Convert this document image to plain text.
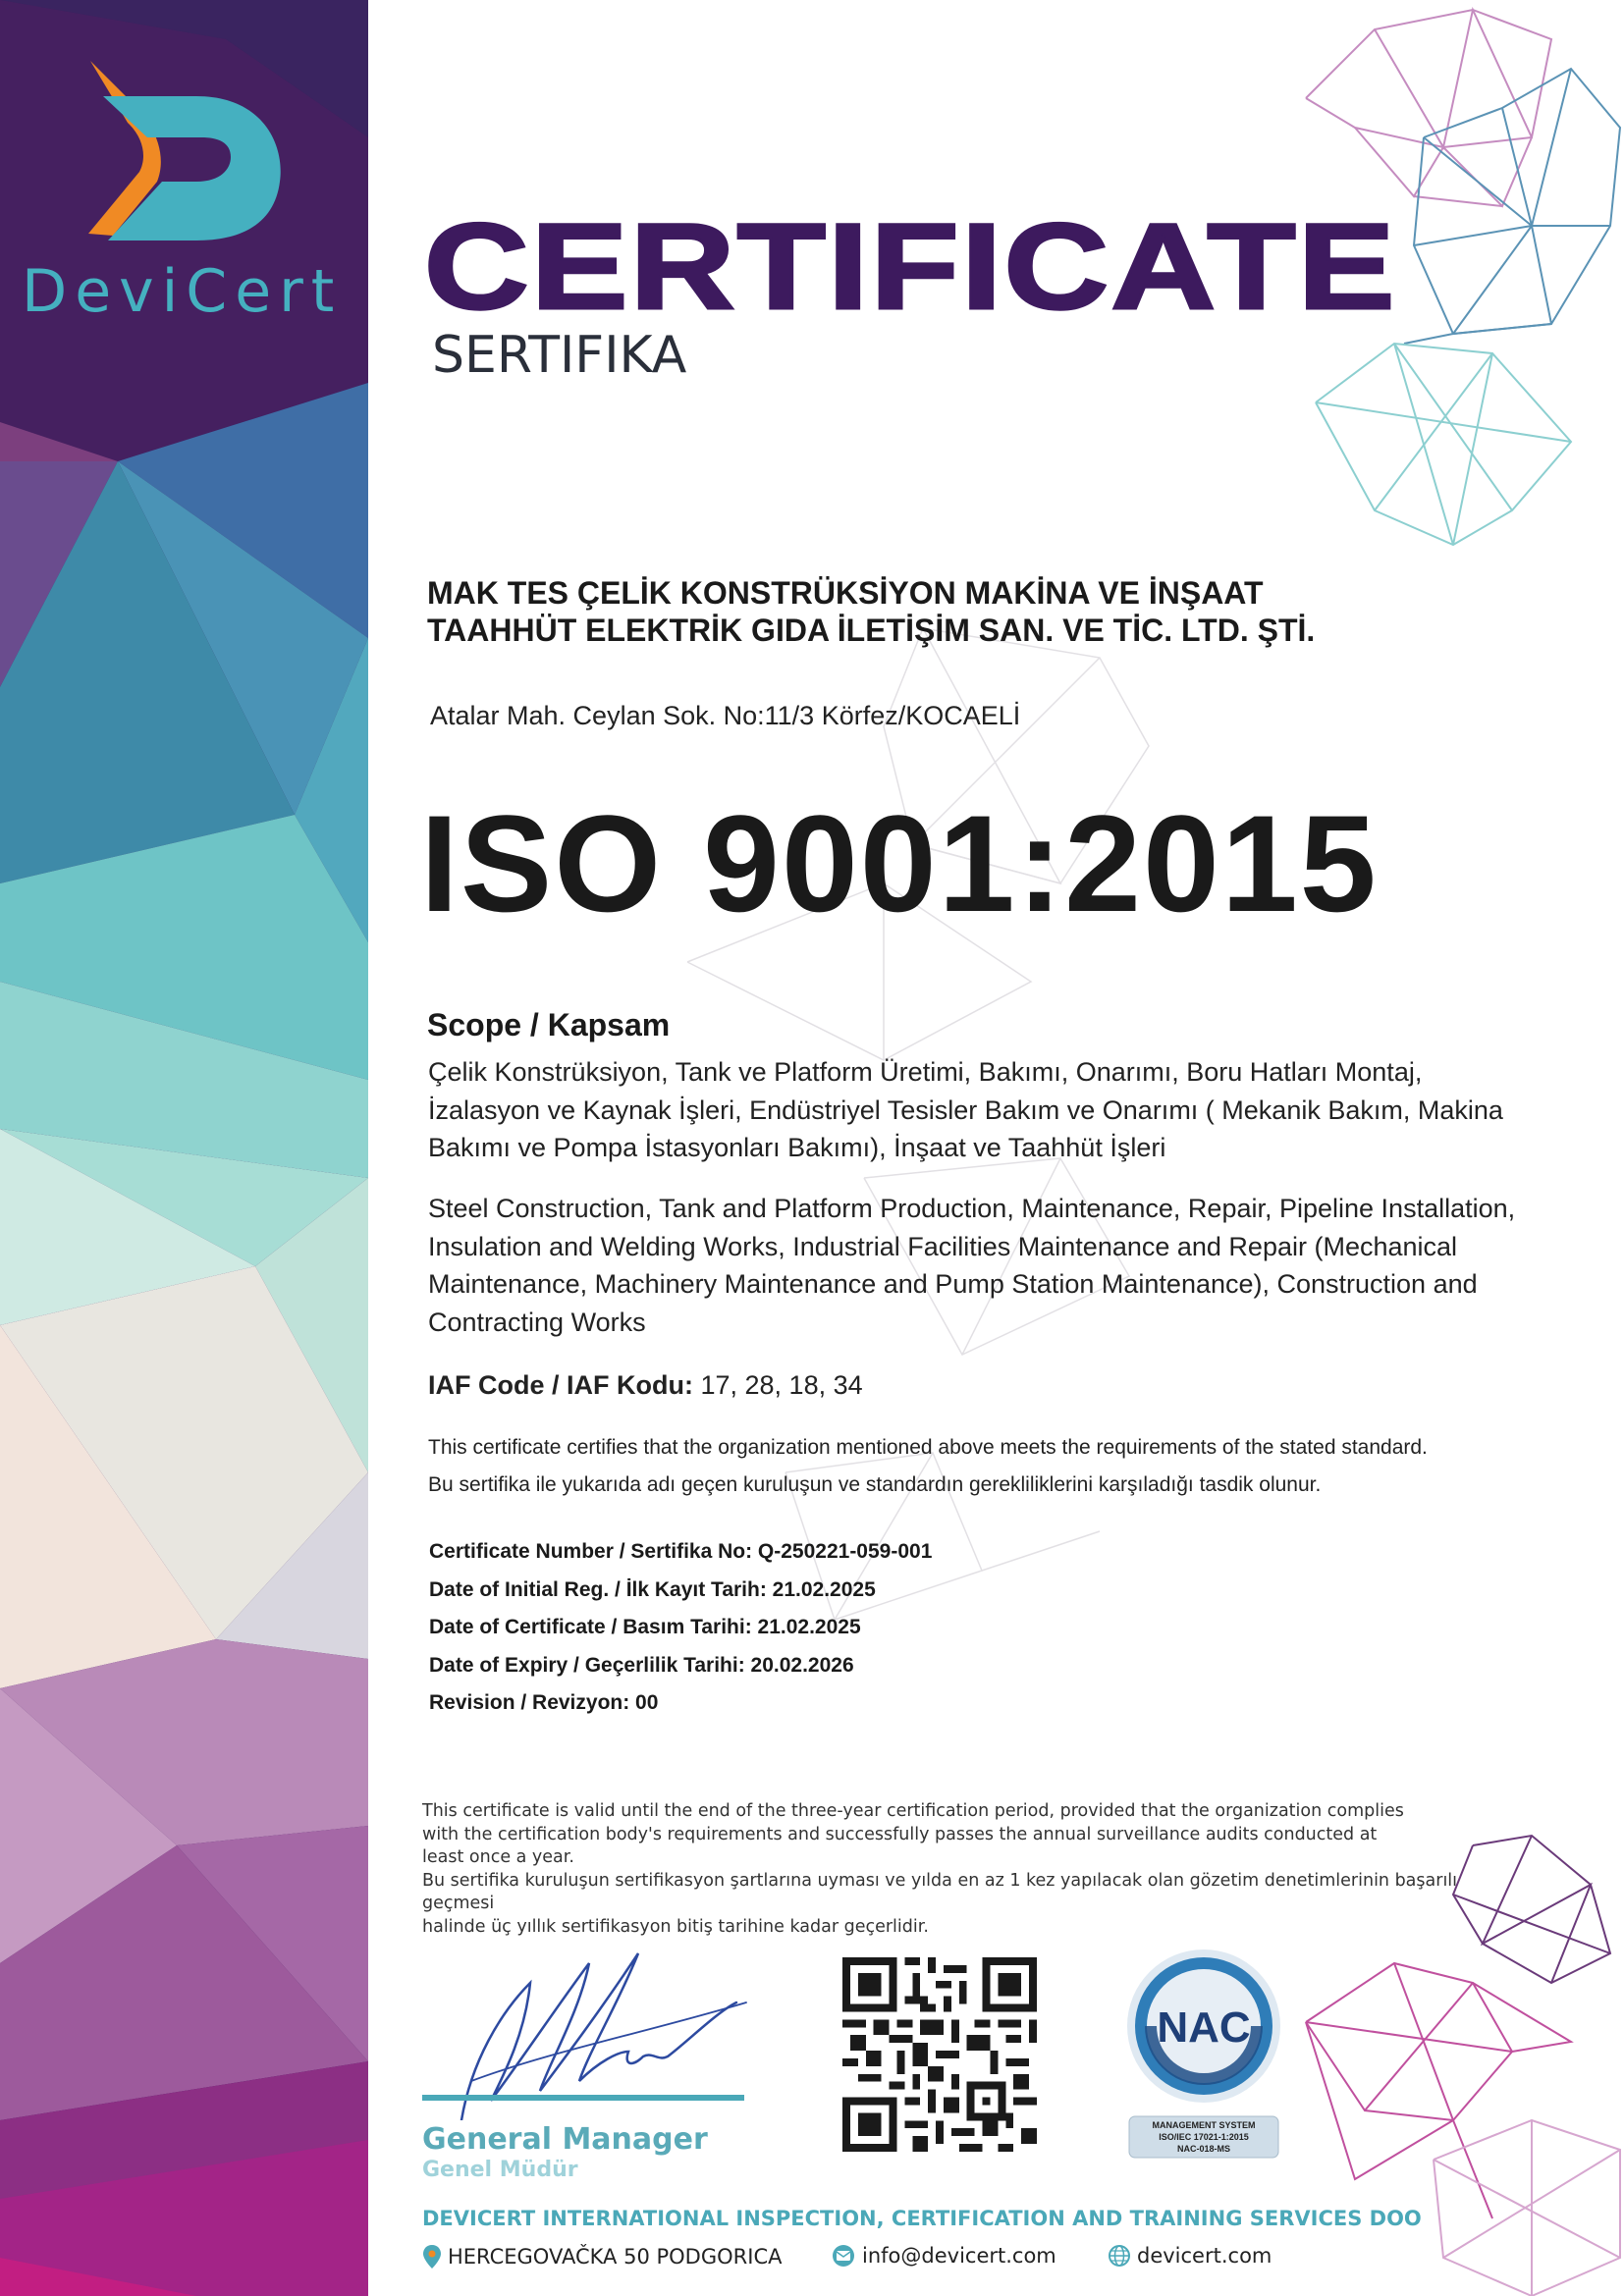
DeviCert CERTIFICATE
SERTIFIKA
MAK TES ÇELİK KONSTRÜKSİYON MAKİNA VE İNŞAAT
TAAHHÜT ELEKTRİK GIDA İLETİŞİM SAN. VE TİC. LTD. ŞTİ.
Atalar Mah. Ceylan Sok. No:11/3 Körfez/KOCAELİ
ISO 9001:2015
Scope / Kapsam
Çelik Konstrüksiyon, Tank ve Platform Üretimi, Bakımı, Onarımı, Boru Hatları Montaj, İzalasyon ve Kaynak İşleri, Endüstriyel Tesisler Bakım ve Onarımı ( Mekanik Bakım, Makina Bakımı ve Pompa İstasyonları Bakımı), İnşaat ve Taahhüt İşleri
Steel Construction, Tank and Platform Production, Maintenance, Repair, Pipeline Installation, Insulation and Welding Works, Industrial Facilities Maintenance and Repair (Mechanical Maintenance, Machinery Maintenance and Pump Station Maintenance), Construction and Contracting Works
IAF Code / IAF Kodu: 17, 28, 18, 34
This certificate certifies that the organization mentioned above meets the requirements of the stated standard.
Bu sertifika ile yukarıda adı geçen kuruluşun ve standardın gerekliliklerini karşıladığı tasdik olunur.
Certificate Number / Sertifika No: Q-250221-059-001
Date of Initial Reg. / İlk Kayıt Tarih: 21.02.2025
Date of Certificate / Basım Tarihi: 21.02.2025
Date of Expiry / Geçerlilik Tarihi: 20.02.2026
Revision / Revizyon: 00
This certificate is valid until the end of the three-year certification period, provided that the organization complies
with the certification body's requirements and successfully passes the annual surveillance audits conducted at
least once a year.
Bu sertifika kuruluşun sertifikasyon şartlarına uyması ve yılda en az 1 kez yapılacak olan gözetim denetimlerinin başarılı geçmesi
halinde üç yıllık sertifikasyon bitiş tarihine kadar geçerlidir.
General Manager
Genel Müdür
NAC
MANAGEMENT SYSTEM
ISO/IEC 17021-1:2015
NAC-018-MS
DEVICERT INTERNATIONAL INSPECTION, CERTIFICATION AND TRAINING SERVICES DOO
HERCEGOVAČKA 50 PODGORICA	info@devicert.com	devicert.com
